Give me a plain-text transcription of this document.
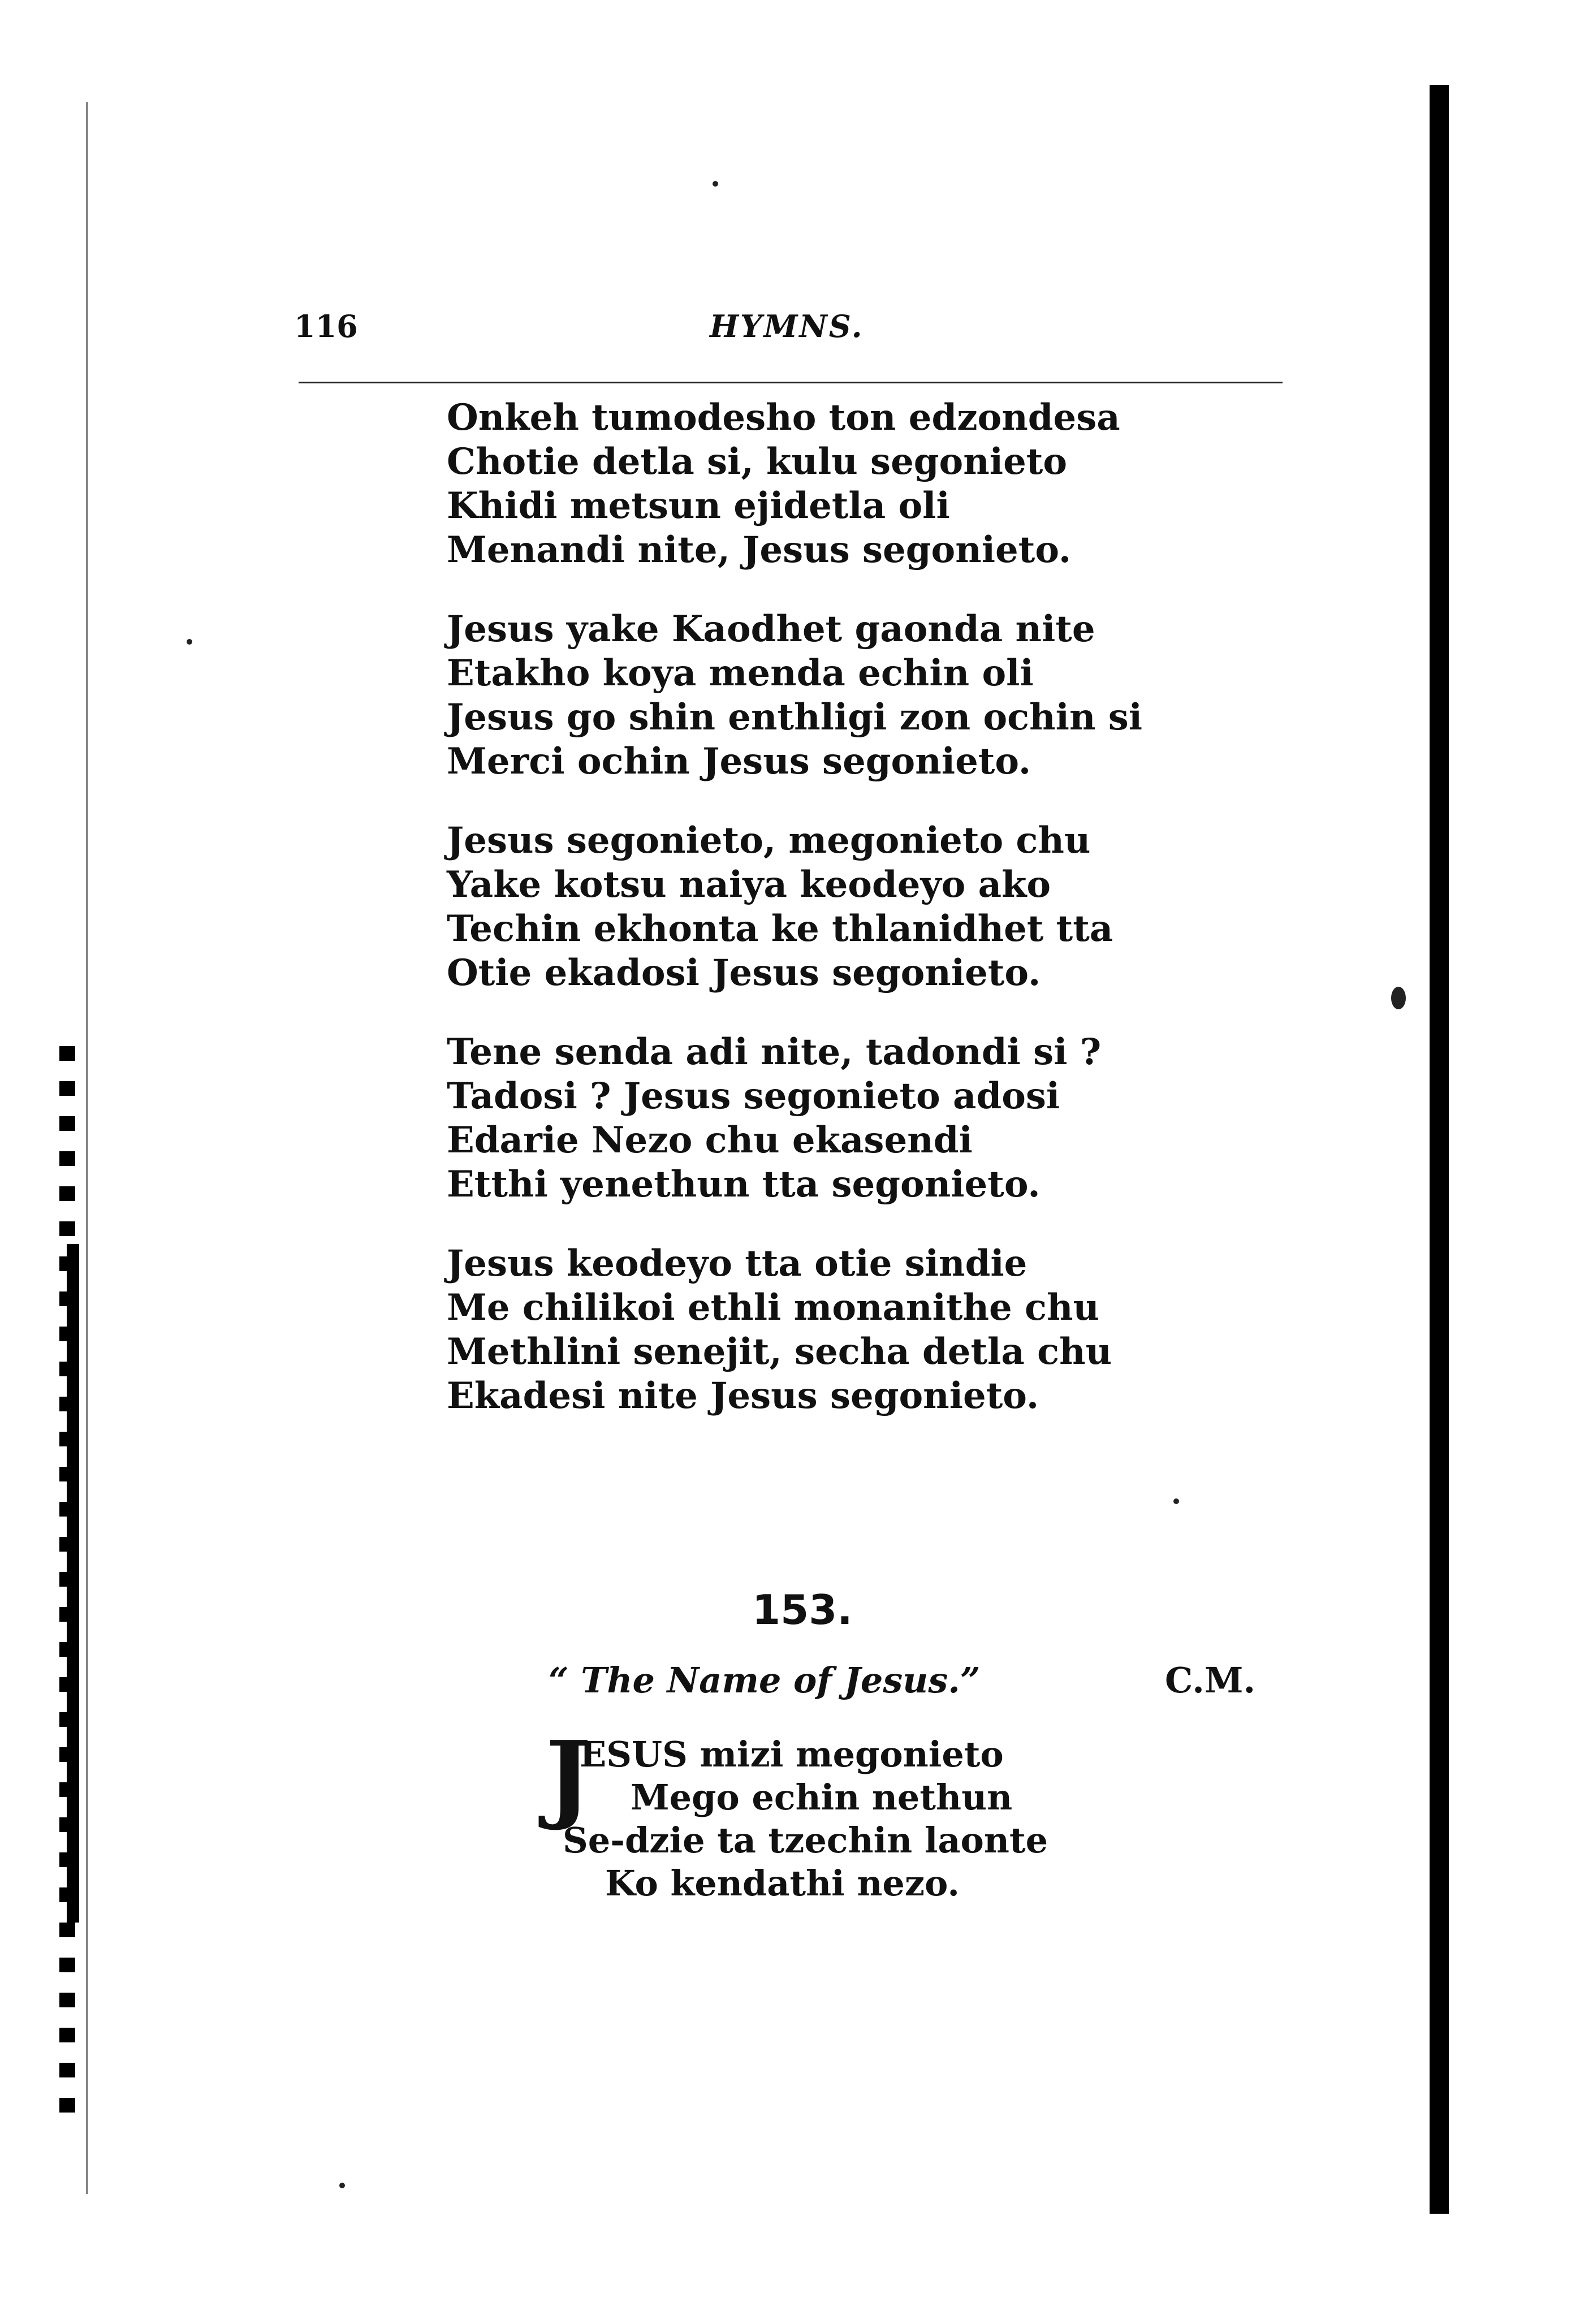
116	HYMNS.
Onkeh tumodesho ton edzondesa
Chotie detla si, kulu segonieto
Khidi metsun ejidetla oli
Menandi nite, Jesus segonieto.
Jesus yake Kaodhet gaonda nite
Etakho koya menda echin oli
Jesus go shin enthligi zon ochin si
Merci ochin Jesus segonieto.
Jesus segonieto, megonieto chu
Yake kotsu naiya keodeyo ako
Techin ekhonta ke thlanidhet tta
Otie ekadosi Jesus segonieto.
Tene senda adi nite, tadondi si ?
Tadosi ? Jesus segonieto adosi
Edarie Nezo chu ekasendi
Etthi yenethun tta segonieto.
Jesus keodeyo tta otie sindie
Me chilikoi ethli monanithe chu
Methlini senejit, secha detla chu
Ekadesi nite Jesus segonieto.
153.
“ The Name of Jesus.”	C.M.
J
ESUS mizi megonieto
Mego echin nethun
Se-dzie ta tzechin laonte
Ko kendathi nezo.
